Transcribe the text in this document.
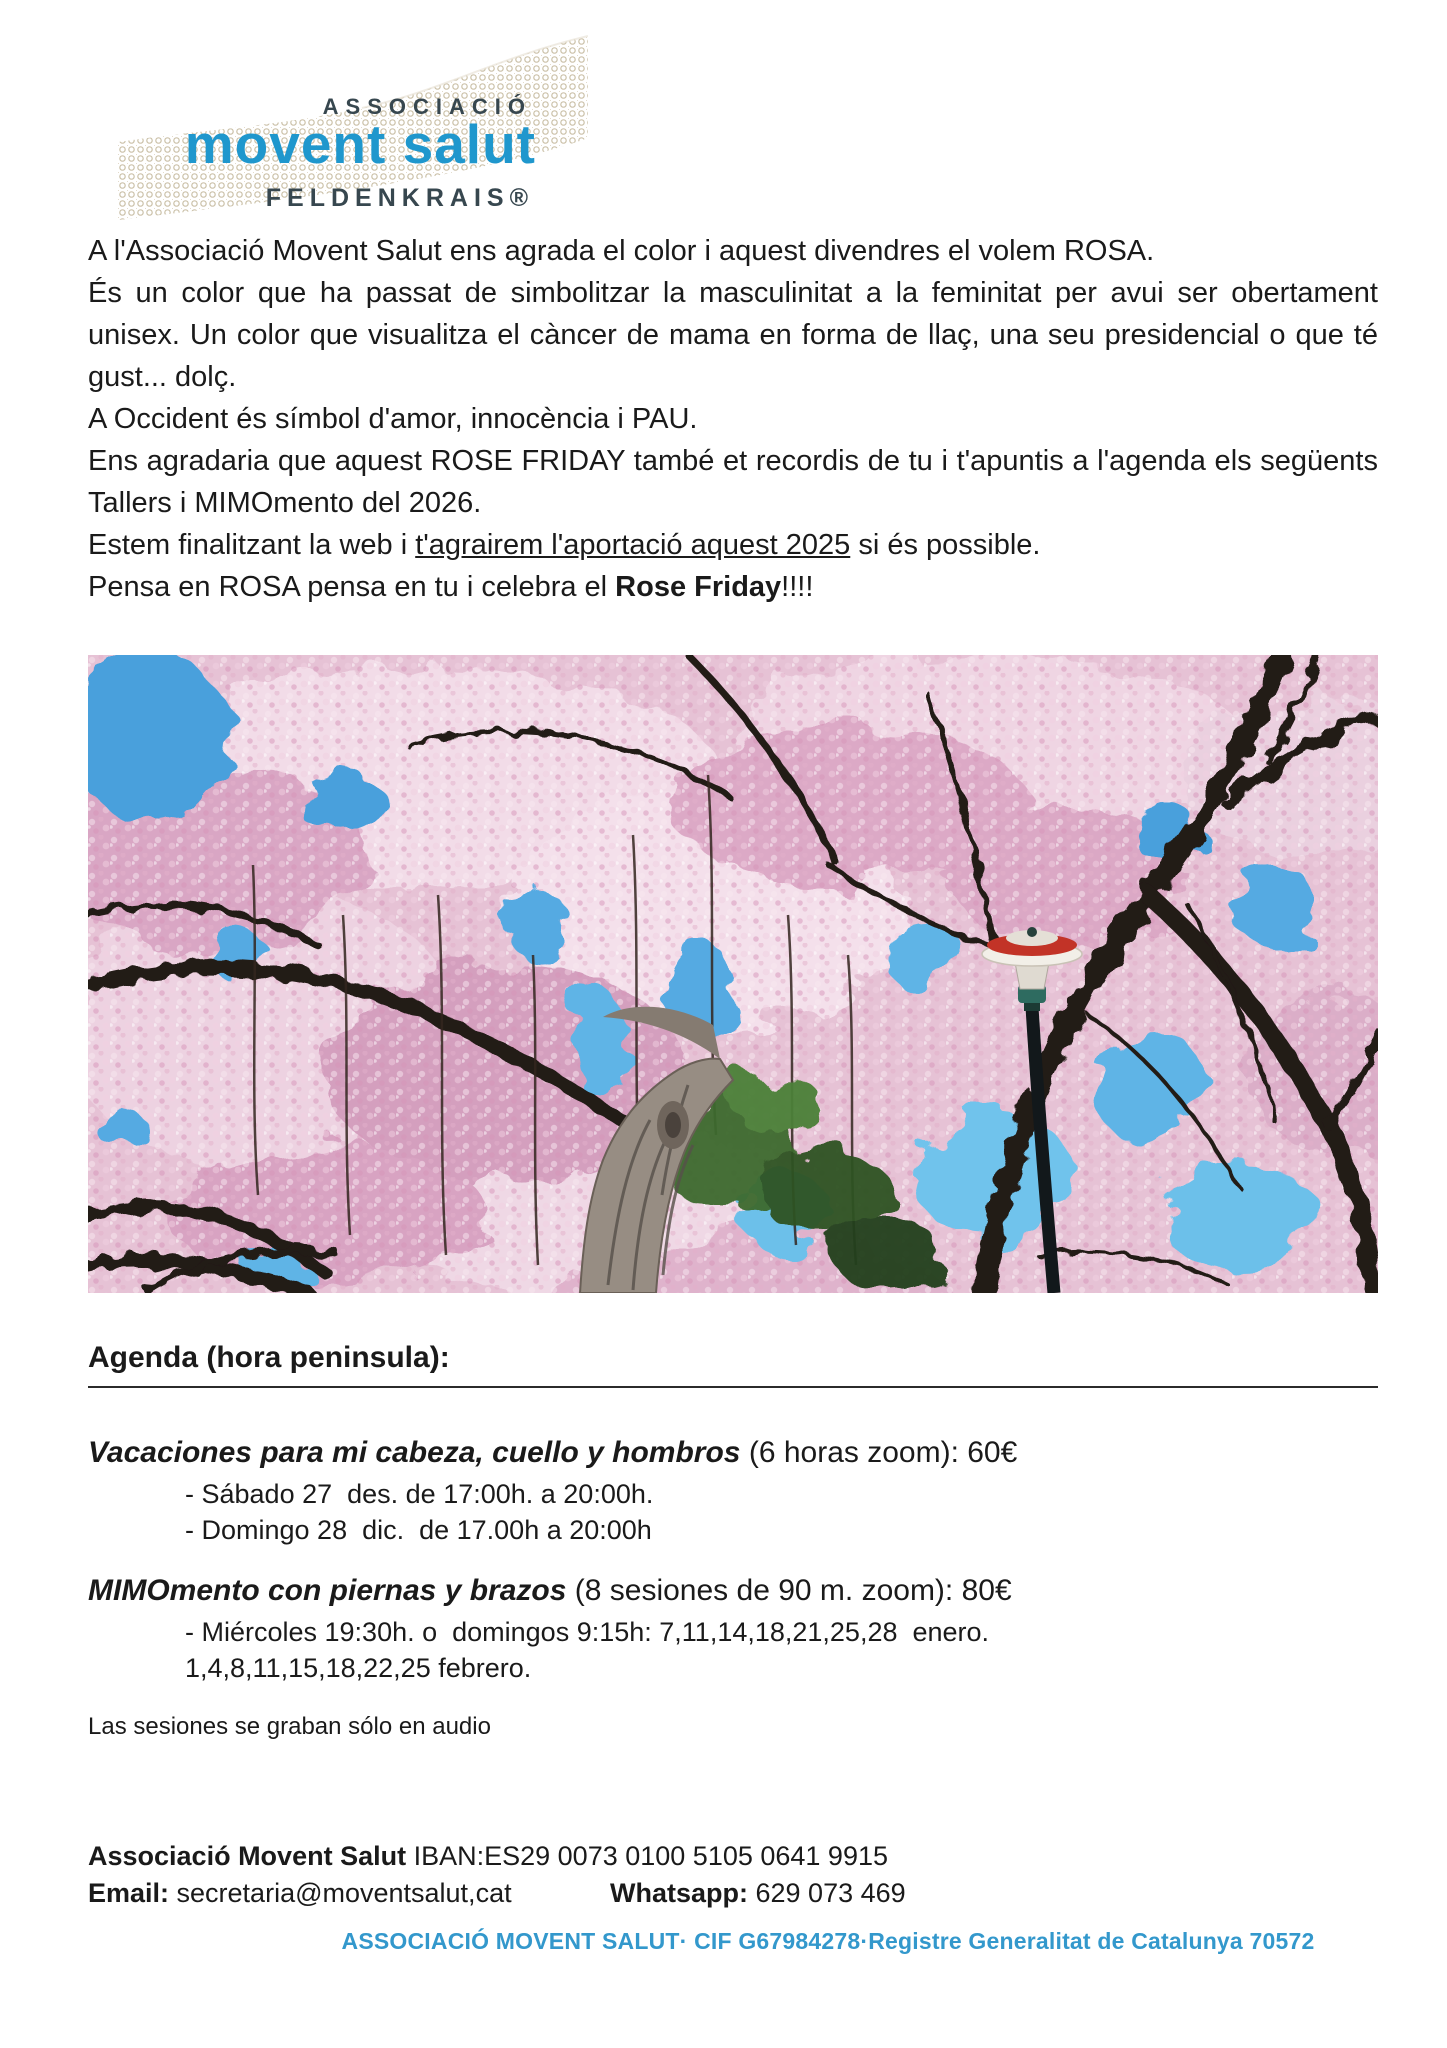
ASSOCIACIÓ
movent salut
FELDENKRAIS®

A l'Associació Movent Salut ens agrada el color i aquest divendres el volem ROSA.

És un color que ha passat de simbolitzar la masculinitat a la feminitat per avui ser obertament unisex. Un color que visualitza el càncer de mama en forma de llaç, una seu presidencial o que té gust... dolç.

A Occident és símbol d'amor, innocència i PAU.

Ens agradaria que aquest ROSE FRIDAY també et recordis de tu i t'apuntis a l'agenda els següents Tallers i MIMOmento del 2026.

Estem finalitzant la web i t'agrairem l'aportació aquest 2025 si és possible.

Pensa en ROSA pensa en tu i celebra el Rose Friday!!!!

Agenda (hora peninsula):

Vacaciones para mi cabeza, cuello y hombros (6 horas zoom): 60€

- Sábado 27  des. de 17:00h. a 20:00h.

- Domingo 28  dic.  de 17.00h a 20:00h

MIMOmento con piernas y brazos (8 sesiones de 90 m. zoom): 80€

- Miércoles 19:30h. o  domingos 9:15h: 7,11,14,18,21,25,28  enero.

1,4,8,11,15,18,22,25 febrero.

Las sesiones se graban sólo en audio

Associació Movent Salut IBAN:ES29 0073 0100 5105 0641 9915
Email: secretaria@moventsalut,cat	Whatsapp: 629 073 469

ASSOCIACIÓ MOVENT SALUT· CIF G67984278·Registre Generalitat de Catalunya 70572
